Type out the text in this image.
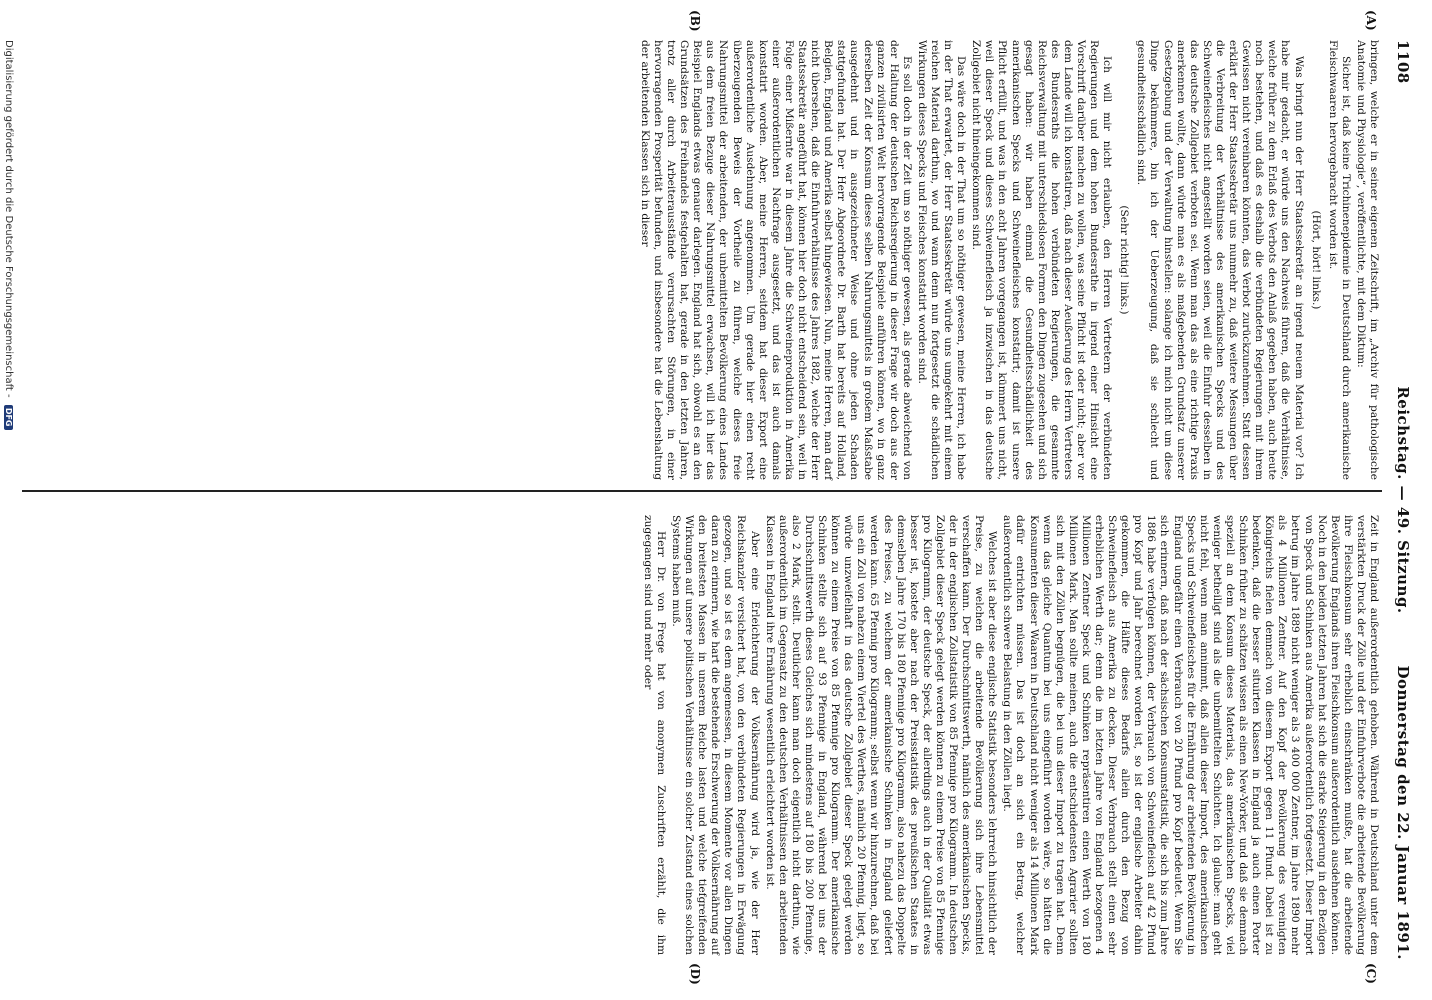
1108
Reichstag. — 49. Sitzung.
Donnerstag den 22. Januar 1891.
(A)
(B)
(C)
(D)

bringen, welche er in seiner eigenen Zeitschrift, im „Archiv für pathologische Anatomie und Physiologie“, veröffentlichte, mit dem Diktum:

Sicher ist, daß keine Trichinenepidemie in Deutschland durch amerikanische Fleischwaaren hervorgebracht worden ist.

(Hört, hört! links.)

Was bringt nun der Herr Staatssekretär an irgend neuem Material vor? Ich habe mir gedacht, er würde uns den Nachweis führen, daß die Verhältnisse, welche früher zu dem Erlaß des Verbots den Anlaß gegeben haben, auch heute noch bestehen, und daß es deshalb die verbündeten Regierungen mit ihrem Gewissen nicht vereinbaren könnten, das Verbot zurückzunehmen. Statt dessen erklärt der Herr Staatssekretär uns nunmehr zu, daß weitere Messungen über die Verbreitung der Verhältnisse des amerikanischen Specks und des Schweinefleisches nicht angestellt worden seien, weil die Einfuhr desselben in das deutsche Zollgebiet verboten sei. Wenn man das als eine richtige Praxis anerkennen wollte, dann würde man es als maßgebenden Grundsatz unserer Gesetzgebung und der Verwaltung hinstellen: solange ich mich nicht um diese Dinge bekümmere, bin ich der Ueberzeugung, daß sie schlecht und gesundheitsschädlich sind.

(Sehr richtig! links.)

Ich will mir nicht erlauben, den Herren Vertretern der verbündeten Regierungen und dem hohen Bundesrathe in irgend einer Hinsicht eine Vorschrift darüber machen zu wollen, was seine Pflicht ist oder nicht; aber vor dem Lande will ich konstatiren, daß nach dieser Aeußerung des Herrn Vertreters des Bundesraths die hohen verbündeten Regierungen, die gesammte Reichsverwaltung mit unterschiedslosen Formen den Dingen zugesehen und sich gesagt haben: wir haben einmal die Gesundheitsschädlichkeit des amerikanischen Specks und Schweinefleisches konstatirt; damit ist unsere Pflicht erfüllt, und was in den acht Jahren vorgegangen ist, kümmert uns nicht, weil dieser Speck und dieses Schweinefleisch ja inzwischen in das deutsche Zollgebiet nicht hineingekommen sind.

Das wäre doch in der That um so nöthiger gewesen, meine Herren, ich habe in der That erwartet, der Herr Staatssekretär würde uns umgekehrt mit einem reichen Material darthun, wo und wann denn nun fortgesetzt die schädlichen Wirkungen dieses Specks und Fleisches konstatirt worden sind.

Es soll doch in der Zeit um so nöthiger gewesen, als gerade abweichend von der Haltung der deutschen Reichsregierung in dieser Frage wir doch aus der ganzen zivilisirten Welt hervorragende Beispiele anführen können, wo in ganz derselben Zeit der Konsum dieses selben Nahrungsmittels in großem Maßstabe ausgedehnt und in ausgezeichneter Weise und ohne jeden Schaden stattgefunden hat. Der Herr Abgeordnete Dr. Barth hat bereits auf Holland, Belgien, England und Amerika selbst hingewiesen. Nun, meine Herren, man darf nicht übersehen, daß die Einfuhrverhältnisse des Jahres 1882, welche der Herr Staatssekretär angeführt hat, können hier doch nicht entscheidend sein, weil in Folge einer Mißernte war in diesem Jahre die Schweineproduktion in Amerika einer außerordentlichen Nachfrage ausgesetzt, und das ist auch damals konstatirt worden. Aber, meine Herren, seitdem hat dieser Export eine außerordentliche Ausdehnung angenommen. Um gerade hier einen recht überzeugenden Beweis der Vortheile zu führen, welche dieses freie Nahrungsmittel der arbeitenden, der unbemittelten Bevölkerung eines Landes aus dem freien Bezuge dieser Nahrungsmittel erwachsen, will ich hier das Beispiel Englands etwas genauer darlegen. England hat sich, obwohl es an den Grundsätzen des Freihandels festgehalten hat, gerade in den letzten Jahren, trotz aller durch Arbeiterausstände verursachten Störungen, in einer hervorragenden Prosperität befunden, und insbesondere hat die Lebenshaltung der arbeitenden Klassen sich in dieser

Zeit in England außerordentlich gehoben. Während in Deutschland unter dem verstärkten Druck der Zölle und der Einfuhrverbote die arbeitende Bevölkerung ihre Fleischkonsum sehr erheblich einschränken mußte, hat die arbeitende Bevölkerung Englands ihren Fleischkonsum außerordentlich ausdehnen können. Noch in den beiden letzten Jahren hat sich die starke Steigerung in den Bezügen von Speck und Schinken aus Amerika außerordentlich fortgesetzt. Dieser Import betrug im Jahre 1889 nicht weniger als 3 400 000 Zentner, im Jahre 1890 mehr als 4 Millionen Zentner. Auf den Kopf der Bevölkerung des vereinigten Königreichs fielen demnach von diesem Export gegen 11 Pfund. Dabei ist zu bedenken, daß die besser situirten Klassen in England ja auch einen Porter Schinken früher zu schätzen wissen als einen New-Yorker, und daß sie demnach speziell an dem Konsum dieses Materials, das amerikanischen Specks, viel weniger betheiligt sind als die unbemittelten Schichten. Ich glaube: man geht nicht fehl, wenn man annimmt, daß allein dieser Import, des amerikanischen Specks und Schweinefleisches für die Ernährung der arbeitenden Bevölkerung in England ungefähr einen Verbrauch von 20 Pfund pro Kopf bedeutet. Wenn Sie sich erinnern, daß nach der sächsischen Konsumstatistik, die sich bis zum Jahre 1886 habe verfolgen können, der Verbrauch von Schweinefleisch auf 42 Pfund pro Kopf und Jahr berechnet worden ist, so ist der englische Arbeiter dahin gekommen, die Hälfte dieses Bedarfs allein durch den Bezug von Schweinefleisch aus Amerika zu decken. Dieser Verbrauch stellt einen sehr erheblichen Werth dar; denn die im letzten Jahre von England bezogenen 4 Millionen Zentner Speck und Schinken repräsentiren einen Werth von 180 Millionen Mark. Man sollte meinen, auch die entschiedensten Agrarier sollten sich mit den Zöllen begnügen, die bei uns dieser Import zu tragen hat. Denn wenn das gleiche Quantum bei uns eingeführt worden wäre, so hätten die Konsumenten dieser Waaren in Deutschland nicht weniger als 14 Millionen Mark dafür entrichten müssen. Das ist doch an sich ein Betrag, welcher außerordentlich schwere Belastung in den Zöllen liegt.

Welches ist aber diese englische Statistik besonders lehrreich hinsichtlich der Preise, zu welchen die arbeitende Bevölkerung sich ihre Lebensmittel verschaffen kann. Der Durchschnittswerth, nämlich des amerikanischen Specks, der in der englischen Zollstatistik von 85 Pfennige pro Kilogramm. In deutschen Zollgebiet dieser Speck gelegt werden können zu einem Preise von 85 Pfennige pro Kilogramm, der deutsche Speck, der allerdings auch in der Qualität etwas besser ist, kostete aber nach der Preisstatistik des preußischen Staates in demselben Jahre 170 bis 180 Pfennige pro Kilogramm, also nahezu das Doppelte des Preises, zu welchem der amerikanische Schinken in England geliefert werden kann. 65 Pfennig pro Kilogramm; selbst wenn wir hinzurechnen, daß bei uns ein Zoll von nahezu einem Viertel des Werthes, nämlich 20 Pfennig, liegt, so würde unzweifelhaft in das deutsche Zollgebiet dieser Speck gelegt werden können zu einem Preise von 85 Pfennige pro Kilogramm. Der amerikanische Schinken stellte sich auf 93 Pfennige in England, während bei uns der Durchschnittswerth dieses Gleiches sich mindestens auf 180 bis 200 Pfennige, also 2 Mark, stellt. Deutlicher kann man doch eigentlich nicht darthun, wie außerordentlich im Gegensatz zu den deutschen Verhältnissen den arbeitenden Klassen in England ihre Ernährung wesentlich erleichtert worden ist.

Aber eine Erleichterung der Volksernährung wird ja, wie der Herr Reichskanzler versichert hat, von den verbündeten Regierungen in Erwägung gezogen, und so ist es dem angemessen, in diesem Momente vor allen Dingen daran zu erinnern, wie hart die bestehende Erschwerung der Volksernährung auf den breitesten Massen in unserem Reiche lasten und welche tiefgreifenden Wirkungen auf unsere politischen Verhältnisse ein solcher Zustand eines solchen Systems haben muß.

Herr Dr. von Frege hat von anonymen Zuschriften erzählt, die ihm zugegangen sind und mehr oder

Digitalisierung gefördert durch die Deutsche Forschungsgemeinschaft - DFG
